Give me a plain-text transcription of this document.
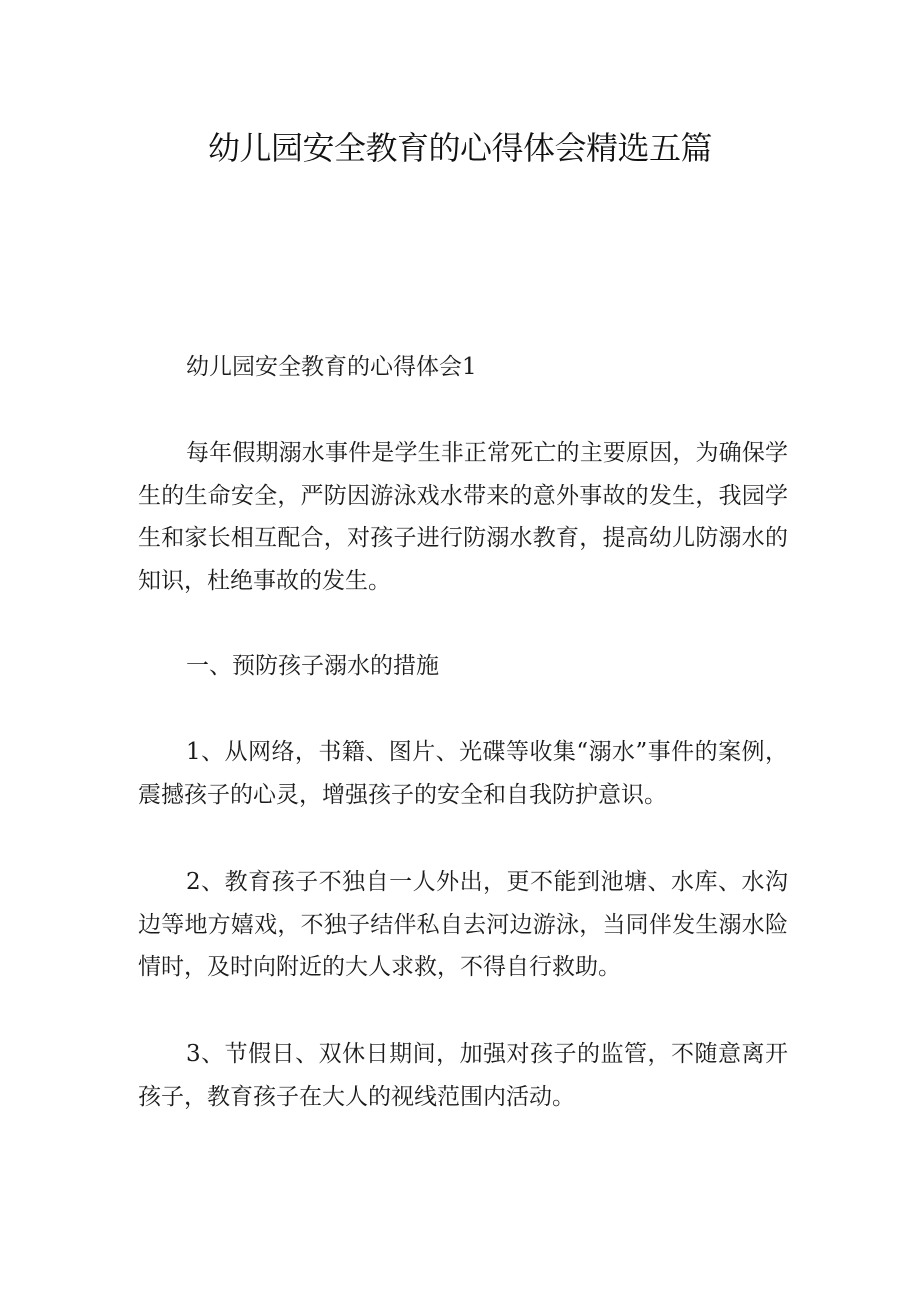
幼儿园安全教育的心得体会精选五篇

幼儿园安全教育的心得体会1

每年假期溺水事件是学生非正常死亡的主要原因，为确保学生的生命安全，严防因游泳戏水带来的意外事故的发生，我园学生和家长相互配合，对孩子进行防溺水教育，提高幼儿防溺水的知识，杜绝事故的发生。

一、预防孩子溺水的措施

1、从网络，书籍、图片、光碟等收集“溺水”事件的案例，震撼孩子的心灵，增强孩子的安全和自我防护意识。

2、教育孩子不独自一人外出，更不能到池塘、水库、水沟边等地方嬉戏，不独子结伴私自去河边游泳，当同伴发生溺水险情时，及时向附近的大人求救，不得自行救助。

3、节假日、双休日期间，加强对孩子的监管，不随意离开孩子，教育孩子在大人的视线范围内活动。
